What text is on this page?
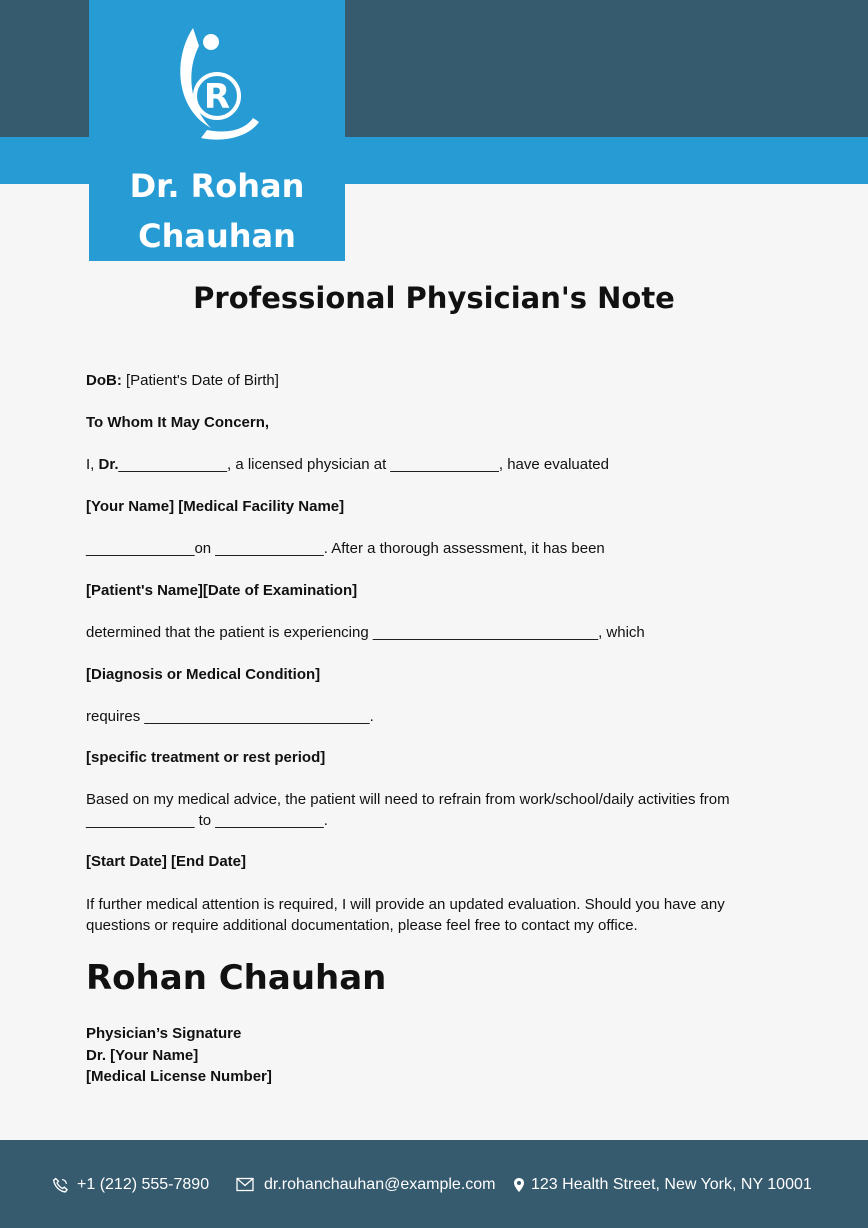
R
Dr. Rohan
Chauhan
Professional Physician's Note

DoB: [Patient's Date of Birth]

To Whom It May Concern,

I, Dr._____________, a licensed physician at _____________, have evaluated

[Your Name] [Medical Facility Name]

_____________on _____________. After a thorough assessment, it has been

[Patient's Name][Date of Examination]

determined that the patient is experiencing ___________________________, which

[Diagnosis or Medical Condition]

requires ___________________________.

[specific treatment or rest period]

Based on my medical advice, the patient will need to refrain from work/school/daily activities from _____________ to _____________.

[Start Date] [End Date]

If further medical attention is required, I will provide an updated evaluation. Should you have any questions or require additional documentation, please feel free to contact my office.

Rohan Chauhan
Physician’s Signature
Dr. [Your Name]
[Medical License Number]
+1 (212) 555-7890	dr.rohanchauhan@example.com 123 Health Street, New York, NY 10001
